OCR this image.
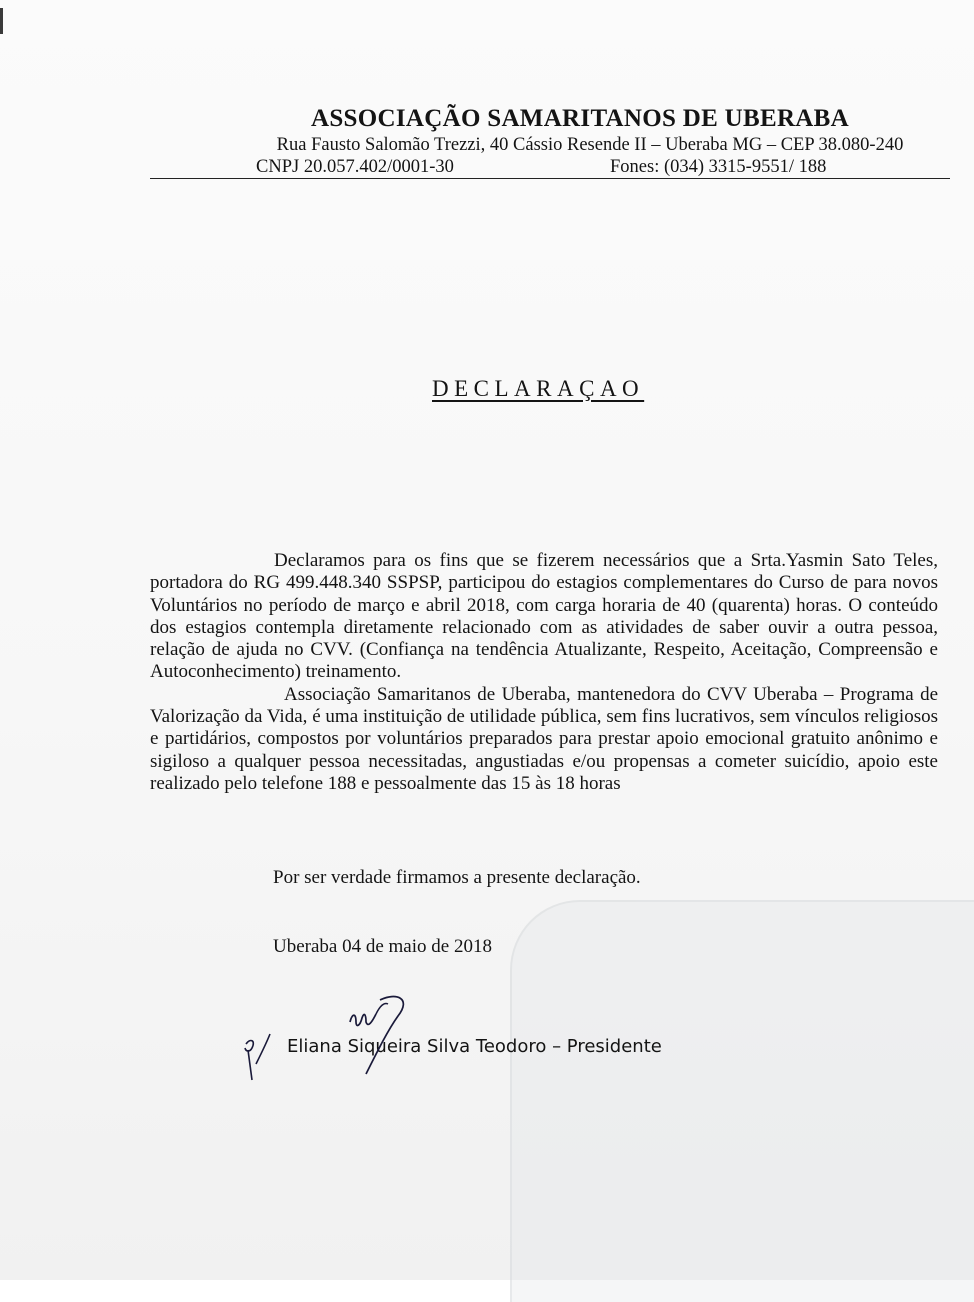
ASSOCIAÇÃO SAMARITANOS DE UBERABA
Rua Fausto Salomão Trezzi, 40 Cássio Resende II – Uberaba MG – CEP 38.080-240
CNPJ 20.057.402/0001-30	Fones: (034) 3315-9551/ 188
DECLARAÇAO

Declaramos para os fins que se fizerem necessários que a Srta.Yasmin Sato Teles, portadora do RG 499.448.340 SSPSP, participou do estagios complementares do Curso de para novos Voluntários no período de março e abril 2018, com carga horaria de 40 (quarenta) horas. O conteúdo dos estagios contempla diretamente relacionado com as atividades de saber ouvir a outra pessoa, relação de ajuda no CVV. (Confiança na tendência Atualizante, Respeito, Aceitação, Compreensão e Autoconhecimento) treinamento.

Associação Samaritanos de Uberaba, mantenedora do CVV Uberaba – Programa de Valorização da Vida, é uma instituição de utilidade pública, sem fins lucrativos, sem vínculos religiosos e partidários, compostos por voluntários preparados para prestar apoio emocional gratuito anônimo e sigiloso a qualquer pessoa necessitadas, angustiadas e/ou propensas a cometer suicídio, apoio este realizado pelo telefone 188 e pessoalmente das 15 às 18 horas

Por ser verdade firmamos a presente declaração.
Uberaba 04 de maio de 2018
Eliana Siqueira Silva Teodoro – Presidente
